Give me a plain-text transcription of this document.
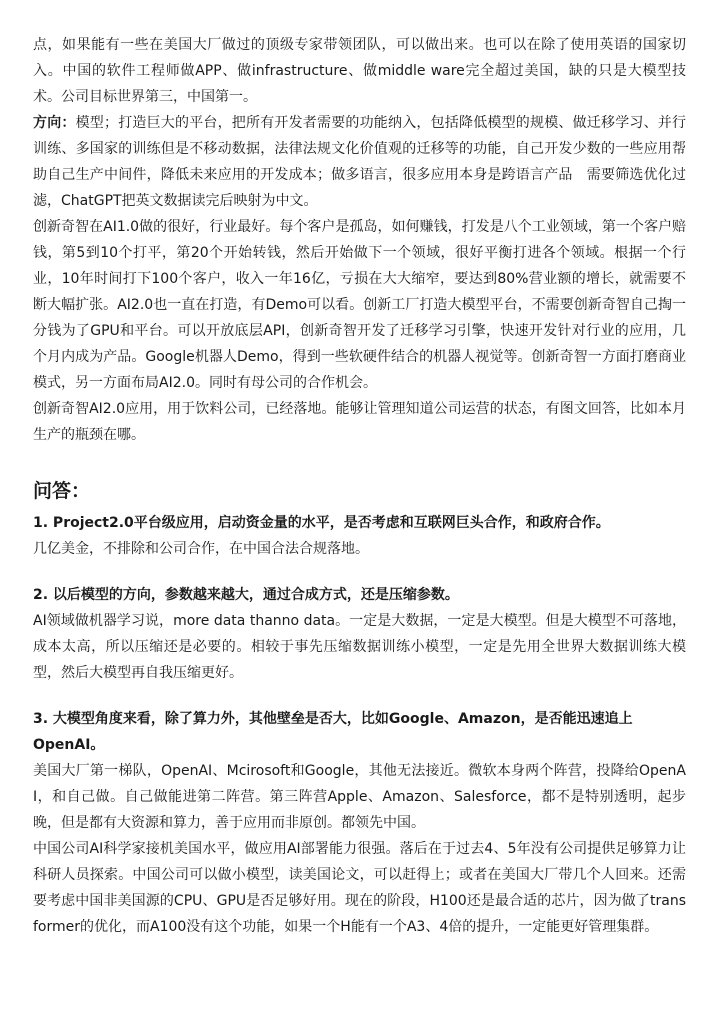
点，如果能有一些在美国大厂做过的顶级专家带领团队，可以做出来。也可以在除了使用英语的国家切入。中国的软件工程师做APP、做infrastructure、做middle ware完全超过美国，缺的只是大模型技术。公司目标世界第三，中国第一。

方向：模型；打造巨大的平台，把所有开发者需要的功能纳入，包括降低模型的规模、做迁移学习、并行训练、多国家的训练但是不移动数据，法律法规文化价值观的迁移等的功能，自己开发少数的一些应用帮助自己生产中间件，降低未来应用的开发成本；做多语言，很多应用本身是跨语言产品　需要筛选优化过滤，ChatGPT把英文数据读完后映射为中文。

创新奇智在AI1.0做的很好，行业最好。每个客户是孤岛，如何赚钱，打发是八个工业领域，第一个客户赔钱，第5到10个打平，第20个开始转钱，然后开始做下一个领域，很好平衡打进各个领域。根据一个行业，10年时间打下100个客户，收入一年16亿，亏损在大大缩窄，要达到80%营业额的增长，就需要不断大幅扩张。AI2.0也一直在打造，有Demo可以看。创新工厂打造大模型平台，不需要创新奇智自己掏一分钱为了GPU和平台。可以开放底层API，创新奇智开发了迁移学习引擎，快速开发针对行业的应用，几个月内成为产品。Google机器人Demo，得到一些软硬件结合的机器人视觉等。创新奇智一方面打磨商业模式，另一方面布局AI2.0。同时有母公司的合作机会。

创新奇智AI2.0应用，用于饮料公司，已经落地。能够让管理知道公司运营的状态，有图文回答，比如本月生产的瓶颈在哪。

问答：

1. Project2.0平台级应用，启动资金量的水平，是否考虑和互联网巨头合作，和政府合作。

几亿美金，不排除和公司合作，在中国合法合规落地。

2. 以后模型的方向，参数越来越大，通过合成方式，还是压缩参数。

AI领域做机器学习说，more data thanno data。一定是大数据，一定是大模型。但是大模型不可落地，成本太高，所以压缩还是必要的。相较于事先压缩数据训练小模型，一定是先用全世界大数据训练大模型，然后大模型再自我压缩更好。

3. 大模型角度来看，除了算力外，其他壁垒是否大，比如Google、Amazon，是否能迅速追上OpenAI。

美国大厂第一梯队，OpenAI、Mcirosoft和Google，其他无法接近。微软本身两个阵营，投降给OpenAI，和自己做。自己做能进第二阵营。第三阵营Apple、Amazon、Salesforce，都不是特别透明，起步晚，但是都有大资源和算力，善于应用而非原创。都领先中国。

中国公司AI科学家接机美国水平，做应用AI部署能力很强。落后在于过去4、5年没有公司提供足够算力让科研人员探索。中国公司可以做小模型，读美国论文，可以赶得上；或者在美国大厂带几个人回来。还需要考虑中国非美国源的CPU、GPU是否足够好用。现在的阶段，H100还是最合适的芯片，因为做了transformer的优化，而A100没有这个功能，如果一个H能有一个A3、4倍的提升，一定能更好管理集群。
